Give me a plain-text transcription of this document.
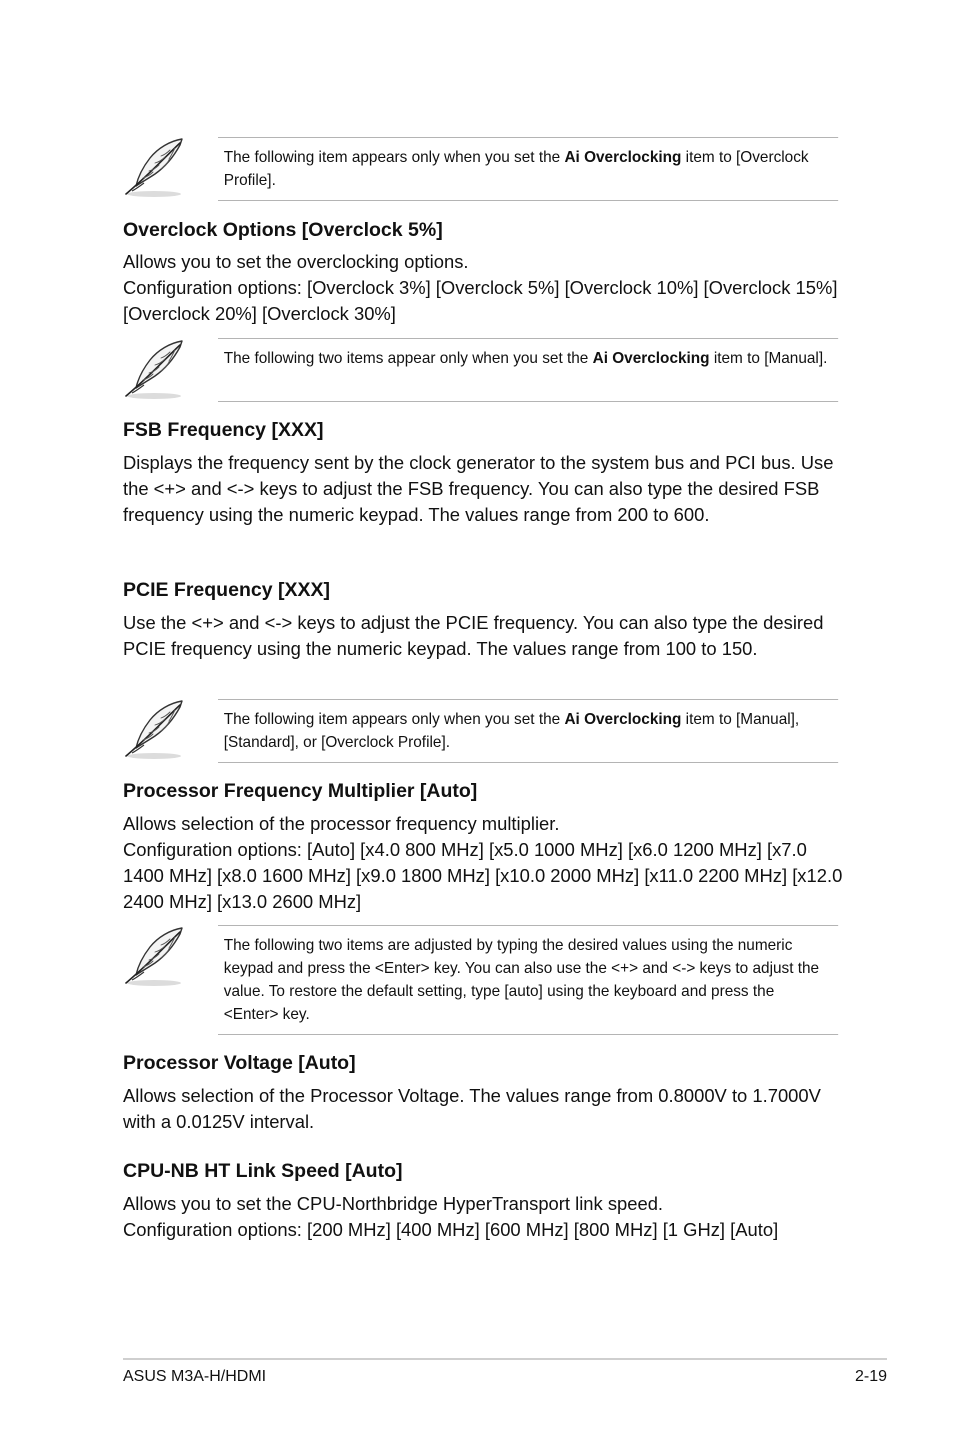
The following item appears only when you set the Ai Overclocking item to [Overclock Profile].

Overclock Options [Overclock 5%]

Allows you to set the overclocking options.

Configuration options: [Overclock 3%] [Overclock 5%] [Overclock 10%] [Overclock 15%] [Overclock 20%] [Overclock 30%]

The following two items appear only when you set the Ai Overclocking item to [Manual].

FSB Frequency [XXX]

Displays the frequency sent by the clock generator to the system bus and PCI bus. Use the <+> and <-> keys to adjust the FSB frequency. You can also type the desired FSB frequency using the numeric keypad. The values range from 200 to 600.

PCIE Frequency [XXX]

Use the <+> and <-> keys to adjust the PCIE frequency. You can also type the desired PCIE frequency using the numeric keypad. The values range from 100 to 150.

The following item appears only when you set the Ai Overclocking item to [Manual], [Standard], or [Overclock Profile].

Processor Frequency Multiplier [Auto]

Allows selection of the processor frequency multiplier.

Configuration options: [Auto] [x4.0 800 MHz] [x5.0 1000 MHz] [x6.0 1200 MHz] [x7.0 1400 MHz] [x8.0 1600 MHz] [x9.0 1800 MHz] [x10.0 2000 MHz] [x11.0 2200 MHz] [x12.0 2400 MHz] [x13.0 2600 MHz]

The following two items are adjusted by typing the desired values using the numeric keypad and press the <Enter> key. You can also use the <+> and <-> keys to adjust the value. To restore the default setting, type [auto] using the keyboard and press the <Enter> key.

Processor Voltage [Auto]

Allows selection of the Processor Voltage. The values range from 0.8000V to 1.7000V with a 0.0125V interval.

CPU-NB HT Link Speed [Auto]

Allows you to set the CPU-Northbridge HyperTransport link speed.

Configuration options: [200 MHz] [400 MHz] [600 MHz] [800 MHz] [1 GHz] [Auto]

ASUS M3A-H/HDMI	2-19
